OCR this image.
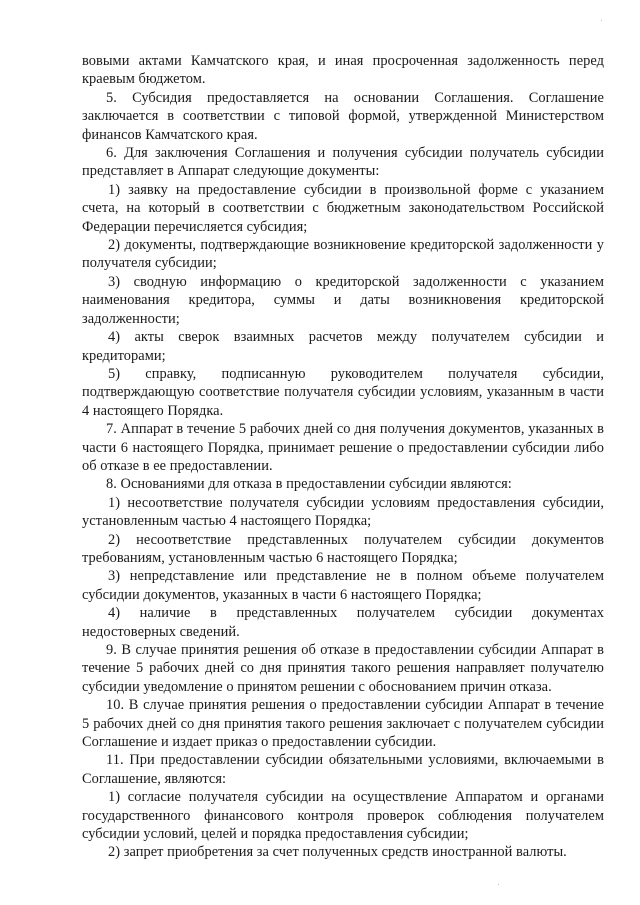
вовыми актами Камчатского края, и иная просроченная задолженность перед краевым бюджетом.

5. Субсидия предоставляется на основании Соглашения. Соглашение заключается в соответствии с типовой формой, утвержденной Министерством финансов Камчатского края.

6. Для заключения Соглашения и получения субсидии получатель субсидии представляет в Аппарат следующие документы:

1) заявку на предоставление субсидии в произвольной форме с указанием счета, на который в соответствии с бюджетным законодательством Российской Федерации перечисляется субсидия;

2) документы, подтверждающие возникновение кредиторской задолженности у получателя субсидии;

3) сводную информацию о кредиторской задолженности с указанием наименования кредитора, суммы и даты возникновения кредиторской задолженности;

4) акты сверок взаимных расчетов между получателем субсидии и кредиторами;

5) справку, подписанную руководителем получателя субсидии, подтверждающую соответствие получателя субсидии условиям, указанным в части 4 настоящего Порядка.

7. Аппарат в течение 5 рабочих дней со дня получения документов, указанных в части 6 настоящего Порядка, принимает решение о предоставлении субсидии либо об отказе в ее предоставлении.

8. Основаниями для отказа в предоставлении субсидии являются:

1) несоответствие получателя субсидии условиям предоставления субсидии, установленным частью 4 настоящего Порядка;

2) несоответствие представленных получателем субсидии документов требованиям, установленным частью 6 настоящего Порядка;

3) непредставление или представление не в полном объеме получателем субсидии документов, указанных в части 6 настоящего Порядка;

4) наличие в представленных получателем субсидии документах недостоверных сведений.

9. В случае принятия решения об отказе в предоставлении субсидии Аппарат в течение 5 рабочих дней со дня принятия такого решения направляет получателю субсидии уведомление о принятом решении с обоснованием причин отказа.

10. В случае принятия решения о предоставлении субсидии Аппарат в течение 5 рабочих дней со дня принятия такого решения заключает с получателем субсидии Соглашение и издает приказ о предоставлении субсидии.

11. При предоставлении субсидии обязательными условиями, включаемыми в Соглашение, являются:

1) согласие получателя субсидии на осуществление Аппаратом и органами государственного финансового контроля проверок соблюдения получателем субсидии условий, целей и порядка предоставления субсидии;

2) запрет приобретения за счет полученных средств иностранной валюты.
